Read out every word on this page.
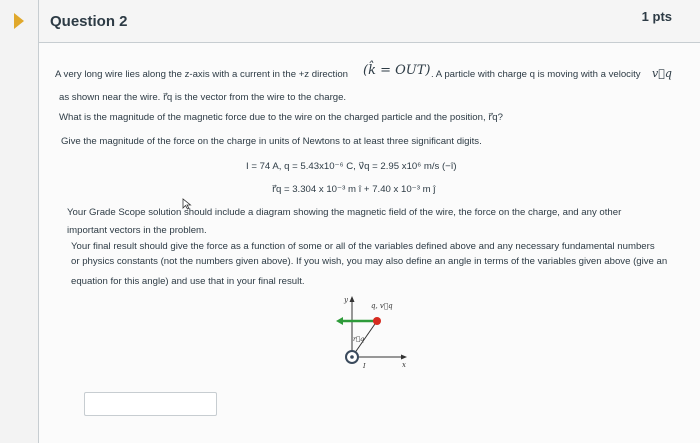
Question 2	1 pts
A very long wire lies along the z-axis with a current in the +z direction (k̂ = OUT) . A particle with charge q is moving with a velocity v⃗q
as shown near the wire. r⃗q is the vector from the wire to the charge.
What is the magnitude of the magnetic force due to the wire on the charged particle and the position, r⃗q?
Give the magnitude of the force on the charge in units of Newtons to at least three significant digits.
I = 74 A, q = 5.43x10⁻⁶ C, v⃗q = 2.95 x10⁶ m/s (−î)
r⃗q = 3.304 x 10⁻³ m î + 7.40 x 10⁻³ m ĵ
Your Grade Scope solution should include a diagram showing the magnetic field of the wire, the force on the charge, and any other
important vectors in the problem.
Your final result should give the force as a function of some or all of the variables defined above and any necessary fundamental numbers
or physics constants (not the numbers given above). If you wish, you may also define an angle in terms of the variables given above (give an
equation for this angle) and use that in your final result.
y
x
q, v⃗q
r⃗q
I
